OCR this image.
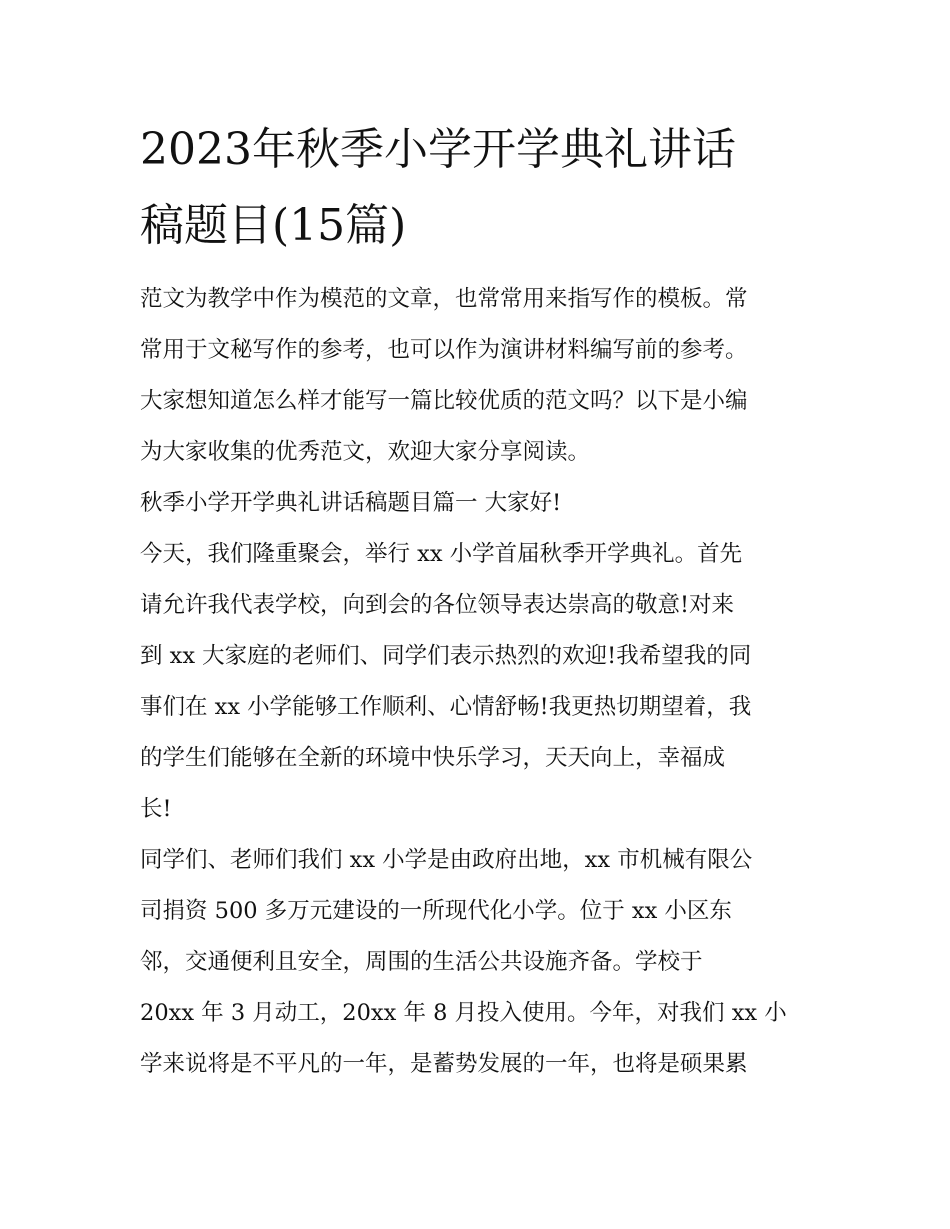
2023年秋季小学开学典礼讲话
稿题目(15篇)
范文为教学中作为模范的文章，也常常用来指写作的模板。常
常用于文秘写作的参考，也可以作为演讲材料编写前的参考。
大家想知道怎么样才能写一篇比较优质的范文吗？以下是小编
为大家收集的优秀范文，欢迎大家分享阅读。
秋季小学开学典礼讲话稿题目篇一 大家好!
今天，我们隆重聚会，举行 xx 小学首届秋季开学典礼。首先
请允许我代表学校，向到会的各位领导表达崇高的敬意!对来
到 xx 大家庭的老师们、同学们表示热烈的欢迎!我希望我的同
事们在 xx 小学能够工作顺利、心情舒畅!我更热切期望着，我
的学生们能够在全新的环境中快乐学习，天天向上，幸福成
长!
同学们、老师们我们 xx 小学是由政府出地，xx 市机械有限公
司捐资 500 多万元建设的一所现代化小学。位于 xx 小区东
邻，交通便利且安全，周围的生活公共设施齐备。学校于
20xx 年 3 月动工，20xx 年 8 月投入使用。今年，对我们 xx 小
学来说将是不平凡的一年，是蓄势发展的一年，也将是硕果累
